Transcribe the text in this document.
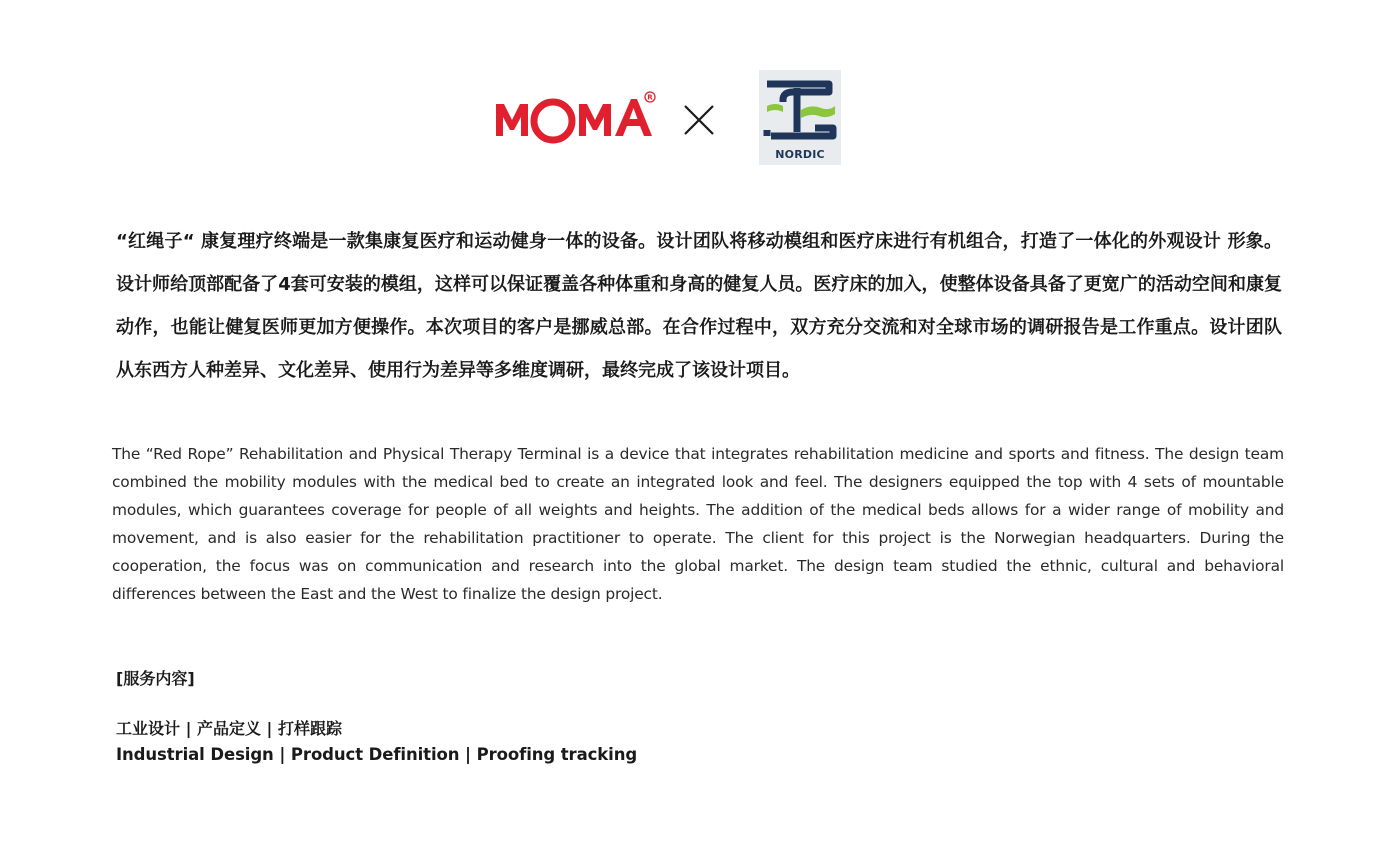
R
NORDIC

“红绳子“ 康复理疗终端是一款集康复医疗和运动健身一体的设备。设计团队将移动模组和医疗床进行有机组合，打造了一体化的外观设计 形象。设计师给顶部配备了4套可安装的模组，这样可以保证覆盖各种体重和身高的健复人员。医疗床的加入，使整体设备具备了更宽广的活动空间和康复动作，也能让健复医师更加方便操作。本次项目的客户是挪威总部。在合作过程中，双方充分交流和对全球市场的调研报告是工作重点。设计团队从东西方人种差异、文化差异、使用行为差异等多维度调研，最终完成了该设计项目。

The “Red Rope” Rehabilitation and Physical Therapy Terminal is a device that integrates rehabilitation medicine and sports and fitness. The design team combined the mobility modules with the medical bed to create an integrated look and feel. The designers equipped the top with 4 sets of mountable modules, which guarantees coverage for people of all weights and heights. The addition of the medical beds allows for a wider range of mobility and movement, and is also easier for the rehabilitation practitioner to operate. The client for this project is the Norwegian headquarters. During the cooperation, the focus was on communication and research into the global market. The design team studied the ethnic, cultural and behavioral differences between the East and the West to finalize the design project.

[服务内容]
工业设计 | 产品定义 | 打样跟踪
Industrial Design | Product Definition | Proofing tracking
